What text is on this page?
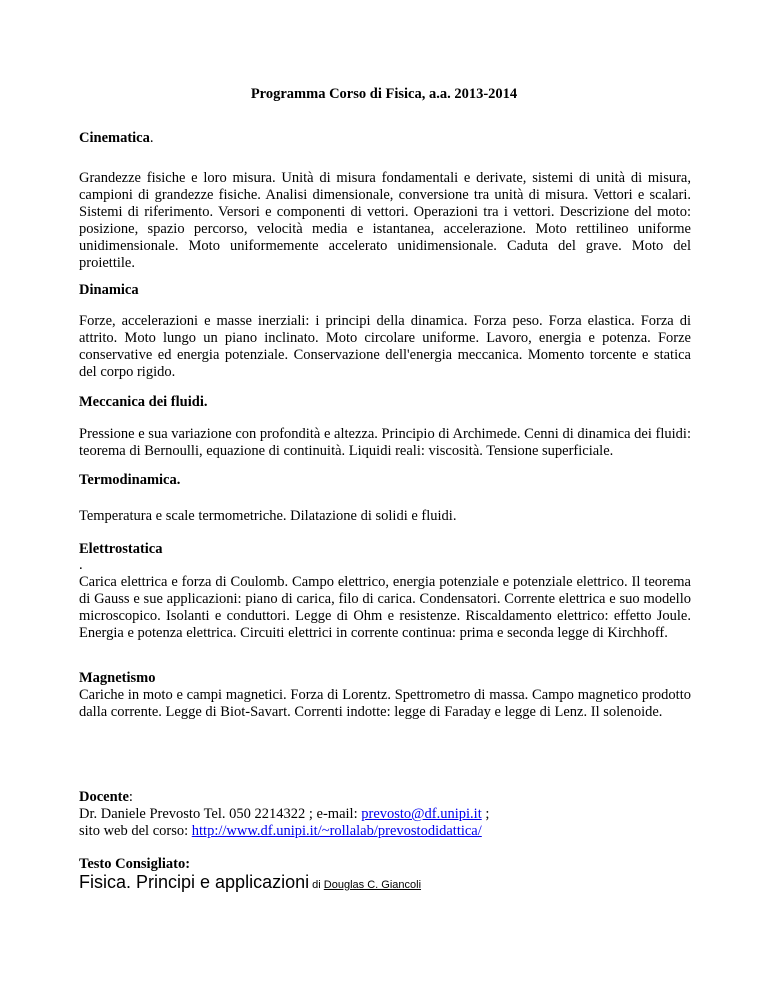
Programma Corso di Fisica, a.a. 2013-2014
Cinematica.
Grandezze fisiche e loro misura. Unità di misura fondamentali e derivate, sistemi di unità di misura, campioni di grandezze fisiche. Analisi dimensionale, conversione tra unità di misura. Vettori e scalari. Sistemi di riferimento. Versori e componenti di vettori. Operazioni tra i vettori. Descrizione del moto: posizione, spazio percorso, velocità media e istantanea, accelerazione. Moto rettilineo uniforme unidimensionale. Moto uniformemente accelerato unidimensionale. Caduta del grave. Moto del proiettile.
Dinamica
Forze, accelerazioni e masse inerziali: i principi della dinamica. Forza peso. Forza elastica. Forza di attrito. Moto lungo un piano inclinato. Moto circolare uniforme. Lavoro, energia e potenza. Forze conservative ed energia potenziale. Conservazione dell'energia meccanica. Momento torcente e statica del corpo rigido.
Meccanica dei fluidi.
Pressione e sua variazione con profondità e altezza. Principio di Archimede. Cenni di dinamica dei fluidi: teorema di Bernoulli, equazione di continuità. Liquidi reali: viscosità. Tensione superficiale.
Termodinamica.
Temperatura e scale termometriche. Dilatazione di solidi e fluidi.
Elettrostatica
.
Carica elettrica e forza di Coulomb. Campo elettrico, energia potenziale e potenziale elettrico. Il teorema di Gauss e sue applicazioni: piano di carica, filo di carica. Condensatori. Corrente elettrica e suo modello microscopico. Isolanti e conduttori. Legge di Ohm e resistenze. Riscaldamento elettrico: effetto Joule. Energia e potenza elettrica. Circuiti elettrici in corrente continua: prima e seconda legge di Kirchhoff.
Magnetismo
Cariche in moto e campi magnetici. Forza di Lorentz. Spettrometro di massa. Campo magnetico prodotto dalla corrente. Legge di Biot-Savart. Correnti indotte: legge di Faraday e legge di Lenz. Il solenoide.
Docente:
Dr. Daniele Prevosto Tel. 050 2214322 ; e-mail: prevosto@df.unipi.it ;
sito web del corso: http://www.df.unipi.it/~rollalab/prevostodidattica/
Testo Consigliato:
Fisica. Principi e applicazioni di Douglas C. Giancoli
